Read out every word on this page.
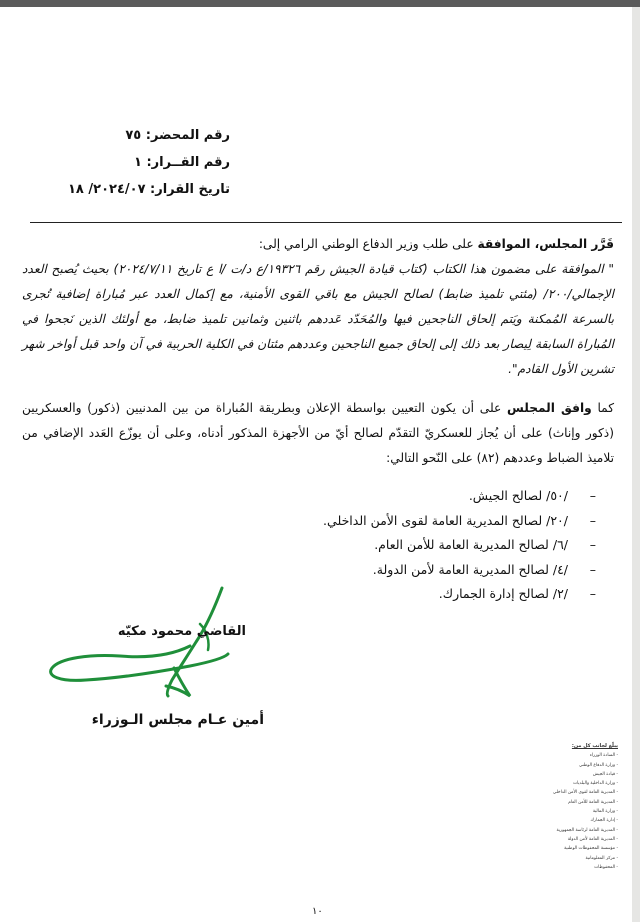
رقم المحضر: ٧٥
رقم القــرار: ١
تاريخ القرار: ٢٠٢٤/٠٧/ ١٨

قَرَّر المجلس، الموافقة على طلب وزير الدفاع الوطني الرامي إلى:

" الموافقة على مضمون هذا الكتاب (كتاب قيادة الجيش رقم ١٩٣٢٦/ع د/ت /ا ع تاريخ ٢٠٢٤/٧/١١) بحيث يُصبح العدد الإجمالي/٢٠٠/ (مئتي تلميذ ضابط) لصالح الجيش مع باقي القوى الأمنية، مع إكمال العدد عبر مُباراة إضافية تُجرى بالسرعة المُمكنة ويَتم إلحاق الناجحين فيها والمُحَدّد عَددهم باثنين وثمانين تلميذ ضابط، مع أولئك الذين نَجحوا في المُباراة السابقة لِيصار بعد ذلك إلى إلحاق جميع الناجحين وعددهم مئتان في الكلية الحربية في آن واحد قبل أواخر شهر تشرين الأول القادم".

كما وافق المجلس على أن يكون التعيين بواسطة الإعلان وبطريقة المُباراة من بين المدنيين (ذكور) والعسكريين (ذكور وإناث) على أن يُجاز للعسكريّ التقدّم لصالح أيّ من الأجهزة المذكور أدناه، وعلى أن يوزّع العَدد الإضافي من تلاميذ الضباط وعددهم (٨٢) على النّحو التالي:

–/٥٠/ لصالح الجيش.
–/٢٠/ لصالح المديرية العامة لقوى الأمن الداخلي.
–/٦/ لصالح المديرية العامة للأمن العام.
–/٤/ لصالح المديرية العامة لأمن الدولة.
–/٢/ لصالح إدارة الجمارك.
القاضي محمود مكيّه
أمين عـام مجلس الـوزراء
يبلّغ لجانب كل من:
- السادة الوزراء
- وزارة الدفاع الوطني
- قيادة الجيش
- وزارة الداخلية والبلديات
- المديرية العامة لقوى الأمن الداخلي
- المديرية العامة للأمن العام
- وزارة المالية
- إدارة الجمارك
- المديرية العامة لرئاسة الجمهورية
- المديرية العامة لأمن الدولة
- مؤسسة المحفوظات الوطنية
- مركز المعلوماتية
- المحفوظات
١٠
